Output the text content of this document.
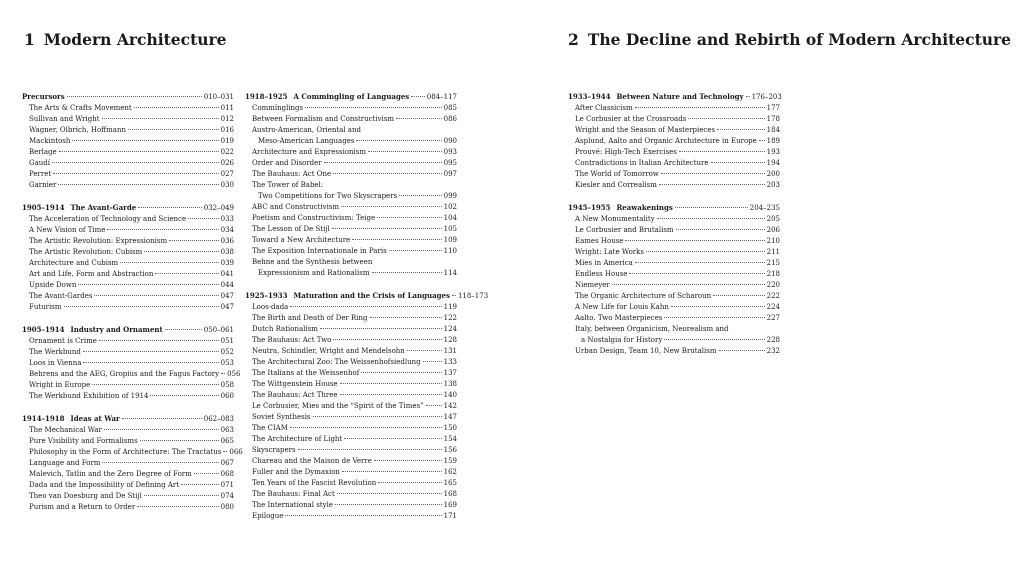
1 Modern Architecture
Precursors	010–031
The Arts & Crafts Movement	011
Sullivan and Wright	012
Wagner, Olbrich, Hoffmann	016
Mackintosh	019
Berlage	022
Gaudí	026
Perret	027
Garnier	030
1905–1914 The Avant-Garde	032–049
The Acceleration of Technology and Science	033
A New Vision of Time	034
The Artistic Revolution: Expressionism	036
The Artistic Revolution: Cubism	038
Architecture and Cubism	039
Art and Life, Form and Abstraction	041
Upside Down	044
The Avant-Gardes	047
Futurism	047
1905–1914 Industry and Ornament	050–061
Ornament is Crime	051
The Werkbund	052
Loos in Vienna	053
Behrens and the AEG, Gropius and the Fagus Factory 056
Wright in Europe	058
The Werkbund Exhibition of 1914	060
1914–1918 Ideas at War	062–083
The Mechanical War	063
Pure Visibility and Formalisms	065
Philosophy in the Form of Architecture: The Tractatus 066
Language and Form	067
Malevich, Tatlin and the Zero Degree of Form	068
Dada and the Impossibility of Defining Art	071
Theo van Doesburg and De Stijl	074
Purism and a Return to Order	080
1918–1925 A Commingling of Languages	084–117
Commínglings	085
Between Formalism and Constructivism	086
Austro-American, Oriental and
Meso-American Languages	090
Architecture and Expressionism	093
Order and Disorder	095
The Bauhaus: Act One	097
The Tower of Babel:
Two Competitions for Two Skyscrapers	099
ABC and Constructivism	102
Poetism and Constructivism: Teige	104
The Lesson of De Stijl	105
Toward a New Architecture	109
The Exposition Internationale in Paris	110
Behne and the Synthesis between
Expressionism and Rationalism	114
1925–1933 Maturation and the Crisis of Languages 118–173
Loos-dada	119
The Birth and Death of Der Ring	122
Dutch Rationalism	124
The Bauhaus: Act Two	128
Neutra, Schindler, Wright and Mendelsohn	131
The Architectural Zoo: The Weissenhofsiedlung	133
The Italians at the Weissenhof	137
The Wittgenstein House	138
The Bauhaus: Act Three	140
Le Corbusier, Mies and the “Spirit of the Times”	142
Soviet Synthesis	147
The CIAM	150
The Architecture of Light	154
Skyscrapers	156
Chareau and the Maison de Verre	159
Fuller and the Dymaxion	162
Ten Years of the Fascist Revolution	165
The Bauhaus: Final Act	168
The International style	169
Epilogue	171
2 The Decline and Rebirth of Modern Architecture
1933–1944 Between Nature and Technology 176–203
After Classicism	177
Le Corbusier at the Crossroads	178
Wright and the Season of Masterpieces	184
Asplund, Aalto and Organic Architecture in Europe 189
Prouvé: High-Tech Exercises	193
Contradictions in Italian Architecture	194
The World of Tomorrow	200
Kiesler and Correalism	203
1945–1955 Reawakenings	204–235
A New Monumentality	205
Le Corbusier and Brutalism	206
Eames House	210
Wright: Late Works	211
Mies in America	215
Endless House	218
Niemeyer	220
The Organic Architecture of Scharoun	222
A New Life for Louis Kahn	224
Aalto. Two Masterpieces	227
Italy, between Organicism, Neorealism and
a Nostalgia for History	228
Urban Design, Team 10, New Brutalism	232
